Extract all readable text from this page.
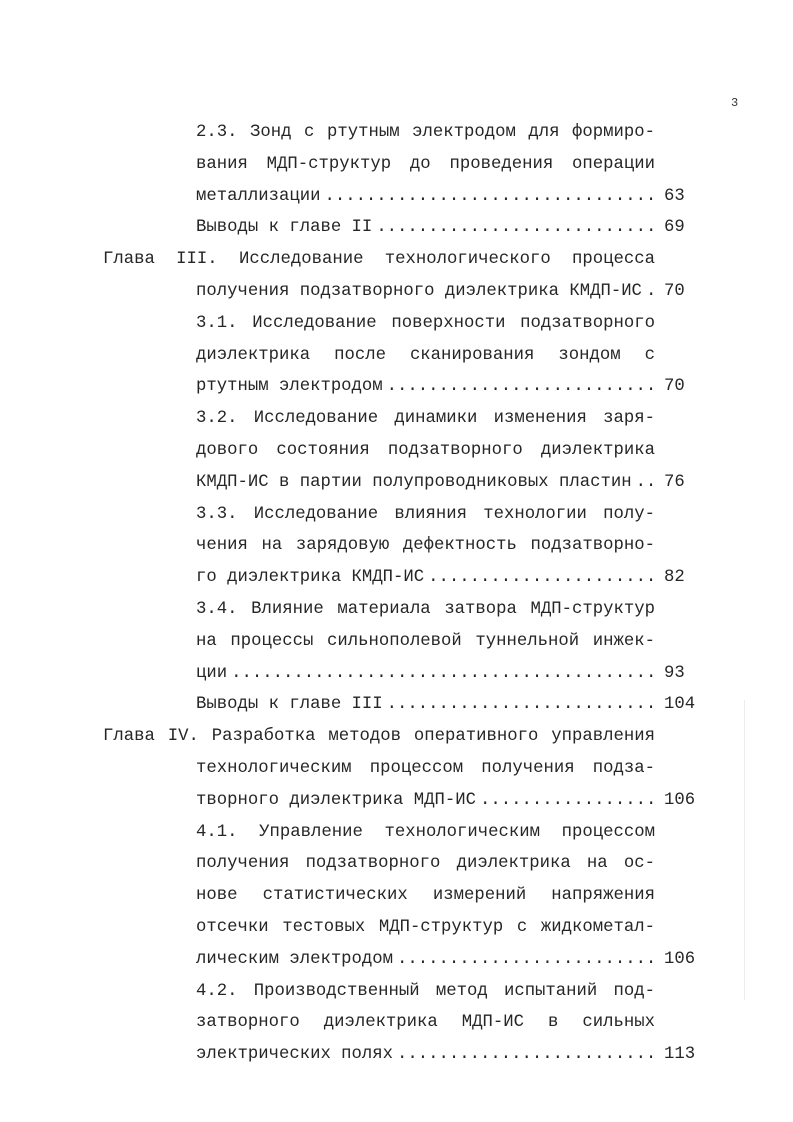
3
2.3. Зонд с ртутным электродом для формиро-
вания МДП-структур до проведения операции
металлизации .....	63
Выводы к главе II .....	69
Глава III. Исследование технологического процесса
получения подзатворного диэлектрика КМДП-ИС ..... 70
3.1. Исследование поверхности подзатворного
диэлектрика после сканирования зондом с
ртутным электродом .....	70
3.2. Исследование динамики изменения заря-
дового состояния подзатворного диэлектрика
КМДП-ИС в партии полупроводниковых пластин ..... 76
3.3. Исследование влияния технологии полу-
чения на зарядовую дефектность подзатворно-
го диэлектрика КМДП-ИС .....	82
3.4. Влияние материала затвора МДП-структур
на процессы сильнополевой туннельной инжек-
ции .....	93
Выводы к главе III .....	104
Глава IV. Разработка методов оперативного управления
технологическим процессом получения подза-
творного диэлектрика МДП-ИС .....	106
4.1. Управление технологическим процессом
получения подзатворного диэлектрика на ос-
нове статистических измерений напряжения
отсечки тестовых МДП-структур с жидкометал-
лическим электродом .....	106
4.2. Производственный метод испытаний под-
затворного диэлектрика МДП-ИС в сильных
электрических полях .....	113
